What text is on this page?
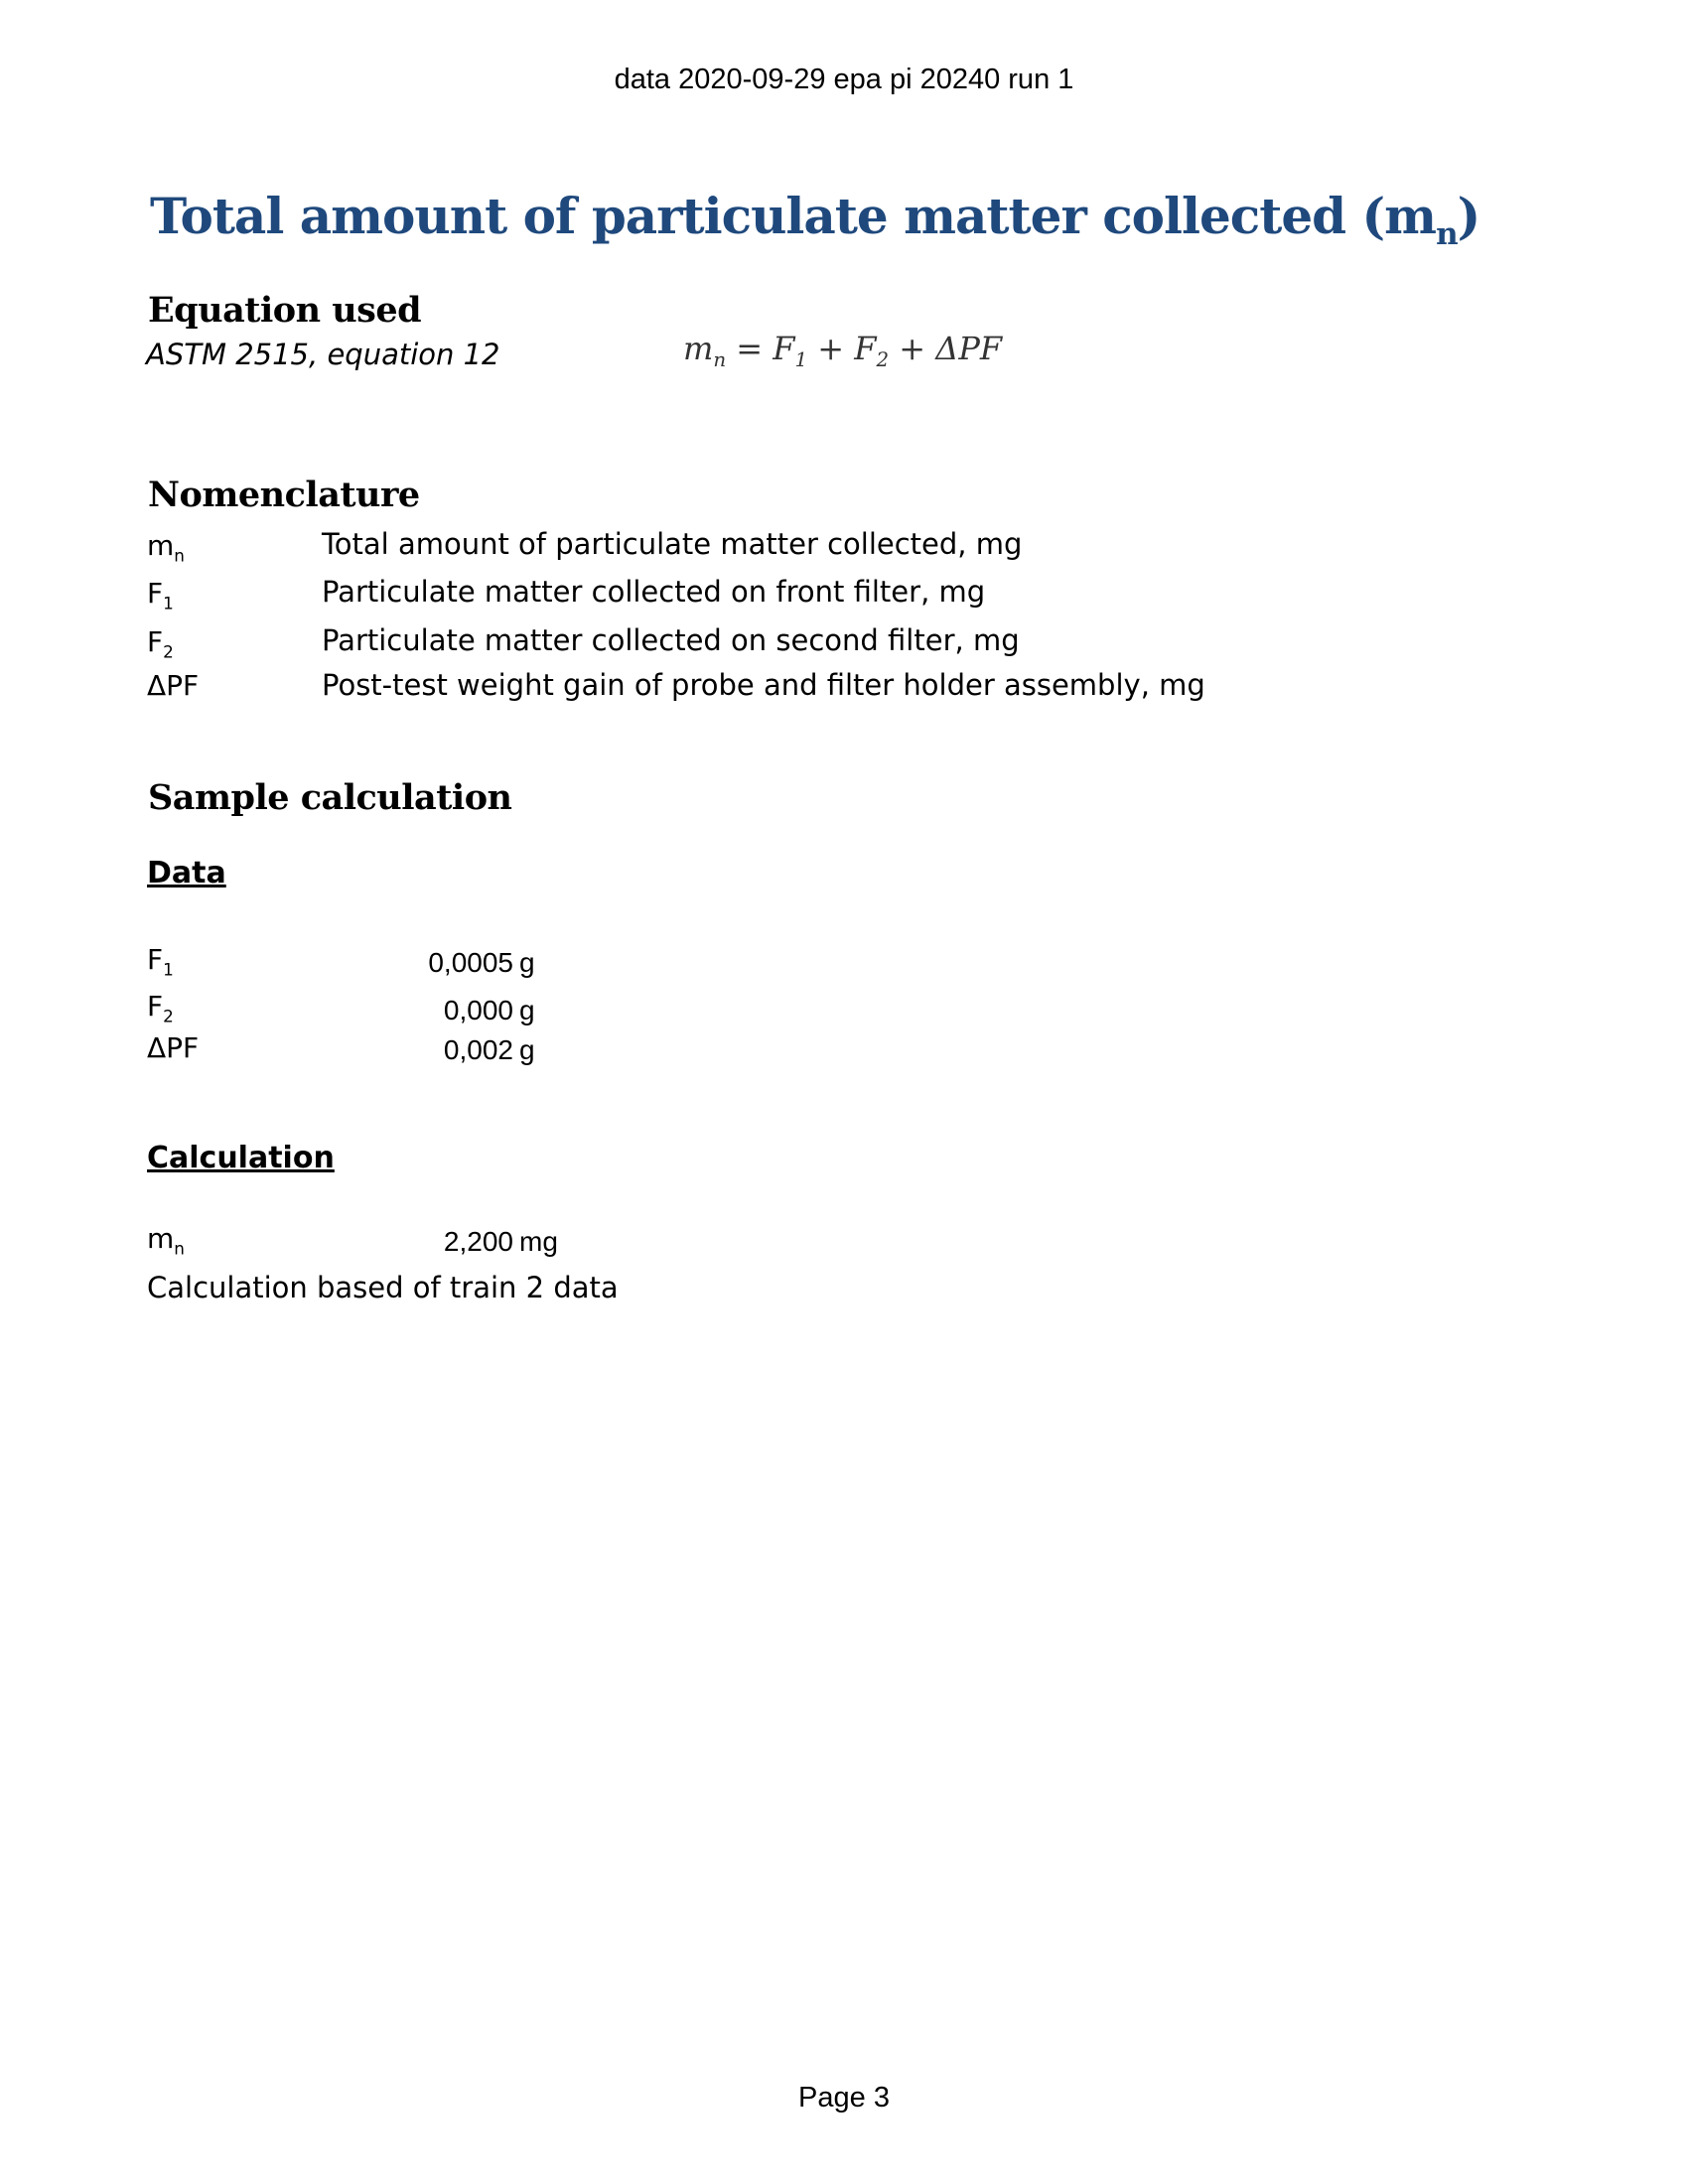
data 2020-09-29 epa pi 20240 run 1
Total amount of particulate matter collected $(m_n)$
Equation used
ASTM 2515, equation 12	$m_n = F_1 + F_2 + \Delta PF$
Nomenclature
$m_n$	Total amount of particulate matter collected, mg
$F_1$	Particulate matter collected on front filter, mg
$F_2$	Particulate matter collected on second filter, mg
ΔPF	Post-test weight gain of probe and filter holder assembly, mg
Sample calculation
Data
$F_1$	0,0005 g
$F_2$	0,000 g
ΔPF	0,002 g
Calculation
$m_n$	2,200 mg
Calculation based of train 2 data
Page 3
